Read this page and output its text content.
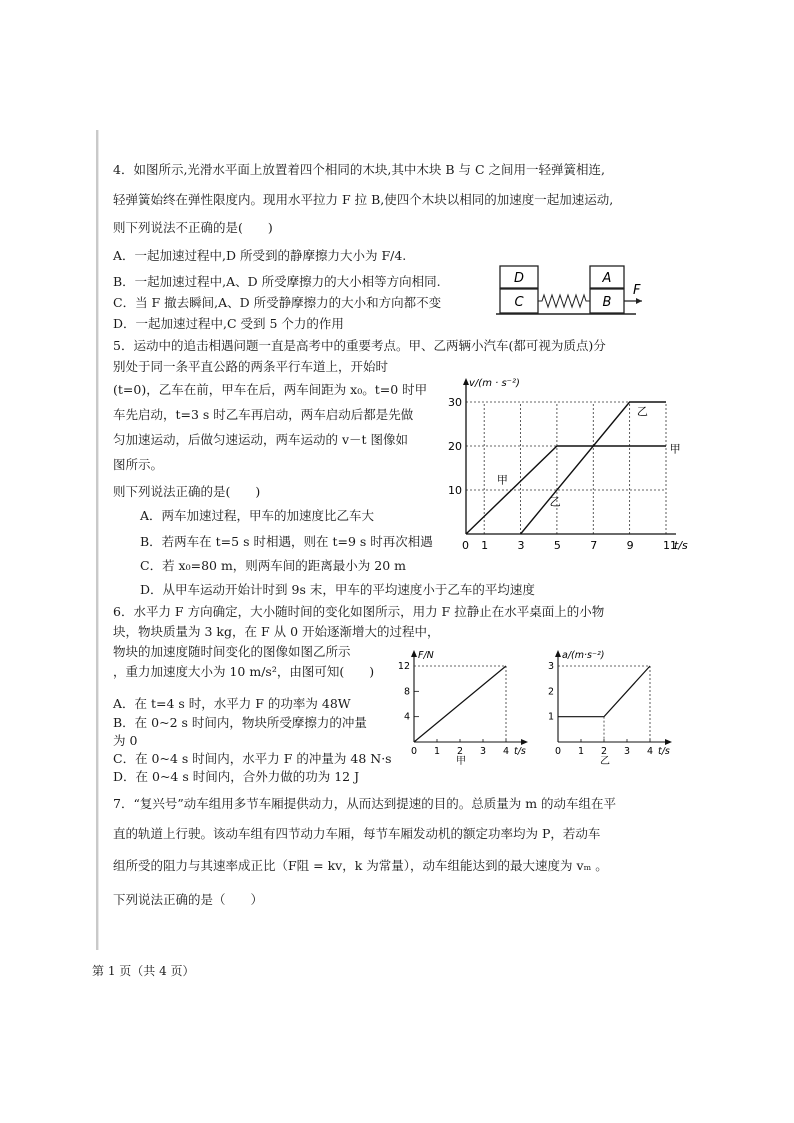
4．如图所示,光滑水平面上放置着四个相同的木块,其中木块 B 与 C 之间用一轻弹簧相连,
轻弹簧始终在弹性限度内。现用水平拉力 F 拉 B,使四个木块以相同的加速度一起加速运动,
则下列说法不正确的是(　　)
A．一起加速过程中,D 所受到的静摩擦力大小为 F/4.
B．一起加速过程中,A、D 所受摩擦力的大小相等方向相同.
C．当 F 撤去瞬间,A、D 所受静摩擦力的大小和方向都不变
D．一起加速过程中,C 受到 5 个力的作用
D
C
A
B
F
5．运动中的追击相遇问题一直是高考中的重要考点。甲、乙两辆小汽车(都可视为质点)分
别处于同一条平直公路的两条平行车道上，开始时
(t=0)，乙车在前，甲车在后，两车间距为 x₀。t=0 时甲
车先启动，t=3 s 时乙车再启动，两车启动后都是先做
匀加速运动，后做匀速运动，两车运动的 v－t 图像如
图所示。
则下列说法正确的是(　　)
A．两车加速过程，甲车的加速度比乙车大
B．若两车在 t=5 s 时相遇，则在 t=9 s 时再次相遇
C．若 x₀=80 m，则两车间的距离最小为 20 m
D．从甲车运动开始计时到 9s 末，甲车的平均速度小于乙车的平均速度
0 1	3	5	7	9	11
t/s
10
20
30
v/(m · s⁻²)
甲
甲
乙
乙
6．水平力 F 方向确定，大小随时间的变化如图所示，用力 F 拉静止在水平桌面上的小物
块，物块质量为 3 kg，在 F 从 0 开始逐渐增大的过程中，
物块的加速度随时间变化的图像如图乙所示
，重力加速度大小为 10 m/s²，由图可知(　　)
A．在 t=4 s 时，水平力 F 的功率为 48W
B．在 0~2 s 时间内，物块所受摩擦力的冲量
为 0
C．在 0~4 s 时间内，水平力 F 的冲量为 48 N·s
D．在 0~4 s 时间内，合外力做的功为 12 J
0 1 2 3 4 t/s
4
8
12
F/N
甲
0 1 2 3 4 t/s
1
2
3
a/(m·s⁻²)
乙
7．“复兴号”动车组用多节车厢提供动力，从而达到提速的目的。总质量为 m 的动车组在平
直的轨道上行驶。该动车组有四节动力车厢，每节车厢发动机的额定功率均为 P，若动车
组所受的阻力与其速率成正比（F阻 = kv，k 为常量），动车组能达到的最大速度为 vₘ 。
下列说法正确的是（　　）
第 1 页（共 4 页）
